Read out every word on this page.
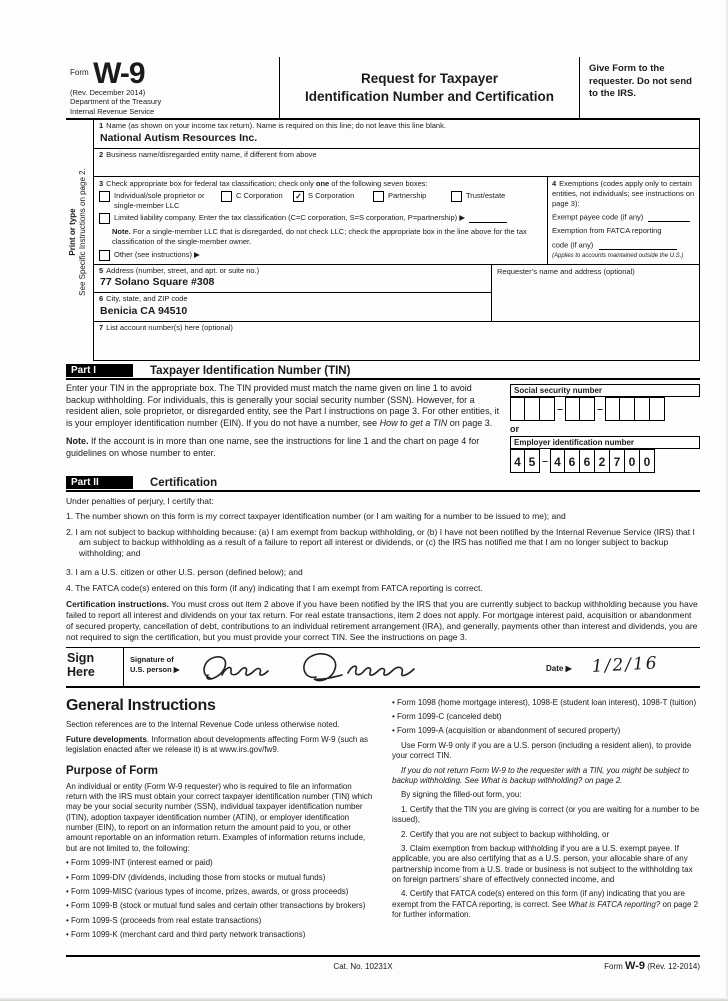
$^{Form}$ W-9
(Rev. December 2014)
Department of the Treasury
Internal Revenue Service
Request for Taxpayer
Identification Number and Certification
Give Form to the requester. Do not send to the IRS.
Print or type See Specific Instructions on page 2.
1 Name (as shown on your income tax return). Name is required on this line; do not leave this line blank.
National Autism Resources Inc.
2 Business name/disregarded entity name, if different from above
3 Check appropriate box for federal tax classification; check only one of the following seven boxes:
Individual/sole proprietor or single-member LLC
C Corporation ✓ S Corporation	Partnership	Trust/estate
Limited liability company. Enter the tax classification (C=C corporation, S=S corporation, P=partnership) ▶
Note. For a single-member LLC that is disregarded, do not check LLC; check the appropriate box in the line above for the tax classification of the single-member owner.
Other (see instructions) ▶
4 Exemptions (codes apply only to certain entities, not individuals; see instructions on page 3):
Exempt payee code (if any)
Exemption from FATCA reporting
code (if any)
(Applies to accounts maintained outside the U.S.)
5 Address (number, street, and apt. or suite no.)
77 Solano Square #308
6 City, state, and ZIP code
Benicia CA 94510
Requester’s name and address (optional)
7 List account number(s) here (optional)
Part I	Taxpayer Identification Number (TIN)

Enter your TIN in the appropriate box. The TIN provided must match the name given on line 1 to avoid backup withholding. For individuals, this is generally your social security number (SSN). However, for a resident alien, sole proprietor, or disregarded entity, see the Part I instructions on page 3. For other entities, it is your employer identification number (EIN). If you do not have a number, see How to get a TIN on page 3.

Note. If the account is in more than one name, see the instructions for line 1 and the chart on page 4 for guidelines on whose number to enter.

Social security number
–	–
or
Employer identification number
4 5 – 4 6 6 2 7 0 0
Part II	Certification

Under penalties of perjury, I certify that:

1. The number shown on this form is my correct taxpayer identification number (or I am waiting for a number to be issued to me); and

2. I am not subject to backup withholding because: (a) I am exempt from backup withholding, or (b) I have not been notified by the Internal Revenue Service (IRS) that I am subject to backup withholding as a result of a failure to report all interest or dividends, or (c) the IRS has notified me that I am no longer subject to backup withholding; and

3. I am a U.S. citizen or other U.S. person (defined below); and

4. The FATCA code(s) entered on this form (if any) indicating that I am exempt from FATCA reporting is correct.

Certification instructions. You must cross out item 2 above if you have been notified by the IRS that you are currently subject to backup withholding because you have failed to report all interest and dividends on your tax return. For real estate transactions, item 2 does not apply. For mortgage interest paid, acquisition or abandonment of secured property, cancellation of debt, contributions to an individual retirement arrangement (IRA), and generally, payments other than interest and dividends, you are not required to sign the certification, but you must provide your correct TIN. See the instructions on page 3.

Sign
Here
Signature of
U.S. person ▶	Date ▶	1/2/16
General Instructions

Section references are to the Internal Revenue Code unless otherwise noted.

Future developments. Information about developments affecting Form W-9 (such as legislation enacted after we release it) is at www.irs.gov/fw9.

Purpose of Form

An individual or entity (Form W-9 requester) who is required to file an information return with the IRS must obtain your correct taxpayer identification number (TIN) which may be your social security number (SSN), individual taxpayer identification number (ITIN), adoption taxpayer identification number (ATIN), or employer identification number (EIN), to report on an information return the amount paid to you, or other amount reportable on an information return. Examples of information returns include, but are not limited to, the following:

• Form 1099-INT (interest earned or paid)

• Form 1099-DIV (dividends, including those from stocks or mutual funds)

• Form 1099-MISC (various types of income, prizes, awards, or gross proceeds)

• Form 1099-B (stock or mutual fund sales and certain other transactions by brokers)

• Form 1099-S (proceeds from real estate transactions)

• Form 1099-K (merchant card and third party network transactions)

• Form 1098 (home mortgage interest), 1098-E (student loan interest), 1098-T (tuition)

• Form 1099-C (canceled debt)

• Form 1099-A (acquisition or abandonment of secured property)

Use Form W-9 only if you are a U.S. person (including a resident alien), to provide your correct TIN.

If you do not return Form W-9 to the requester with a TIN, you might be subject to backup withholding. See What is backup withholding? on page 2.

By signing the filled-out form, you:

1. Certify that the TIN you are giving is correct (or you are waiting for a number to be issued),

2. Certify that you are not subject to backup withholding, or

3. Claim exemption from backup withholding if you are a U.S. exempt payee. If applicable, you are also certifying that as a U.S. person, your allocable share of any partnership income from a U.S. trade or business is not subject to the withholding tax on foreign partners’ share of effectively connected income, and

4. Certify that FATCA code(s) entered on this form (if any) indicating that you are exempt from the FATCA reporting, is correct. See What is FATCA reporting? on page 2 for further information.

Cat. No. 10231X	Form W-9 (Rev. 12-2014)
